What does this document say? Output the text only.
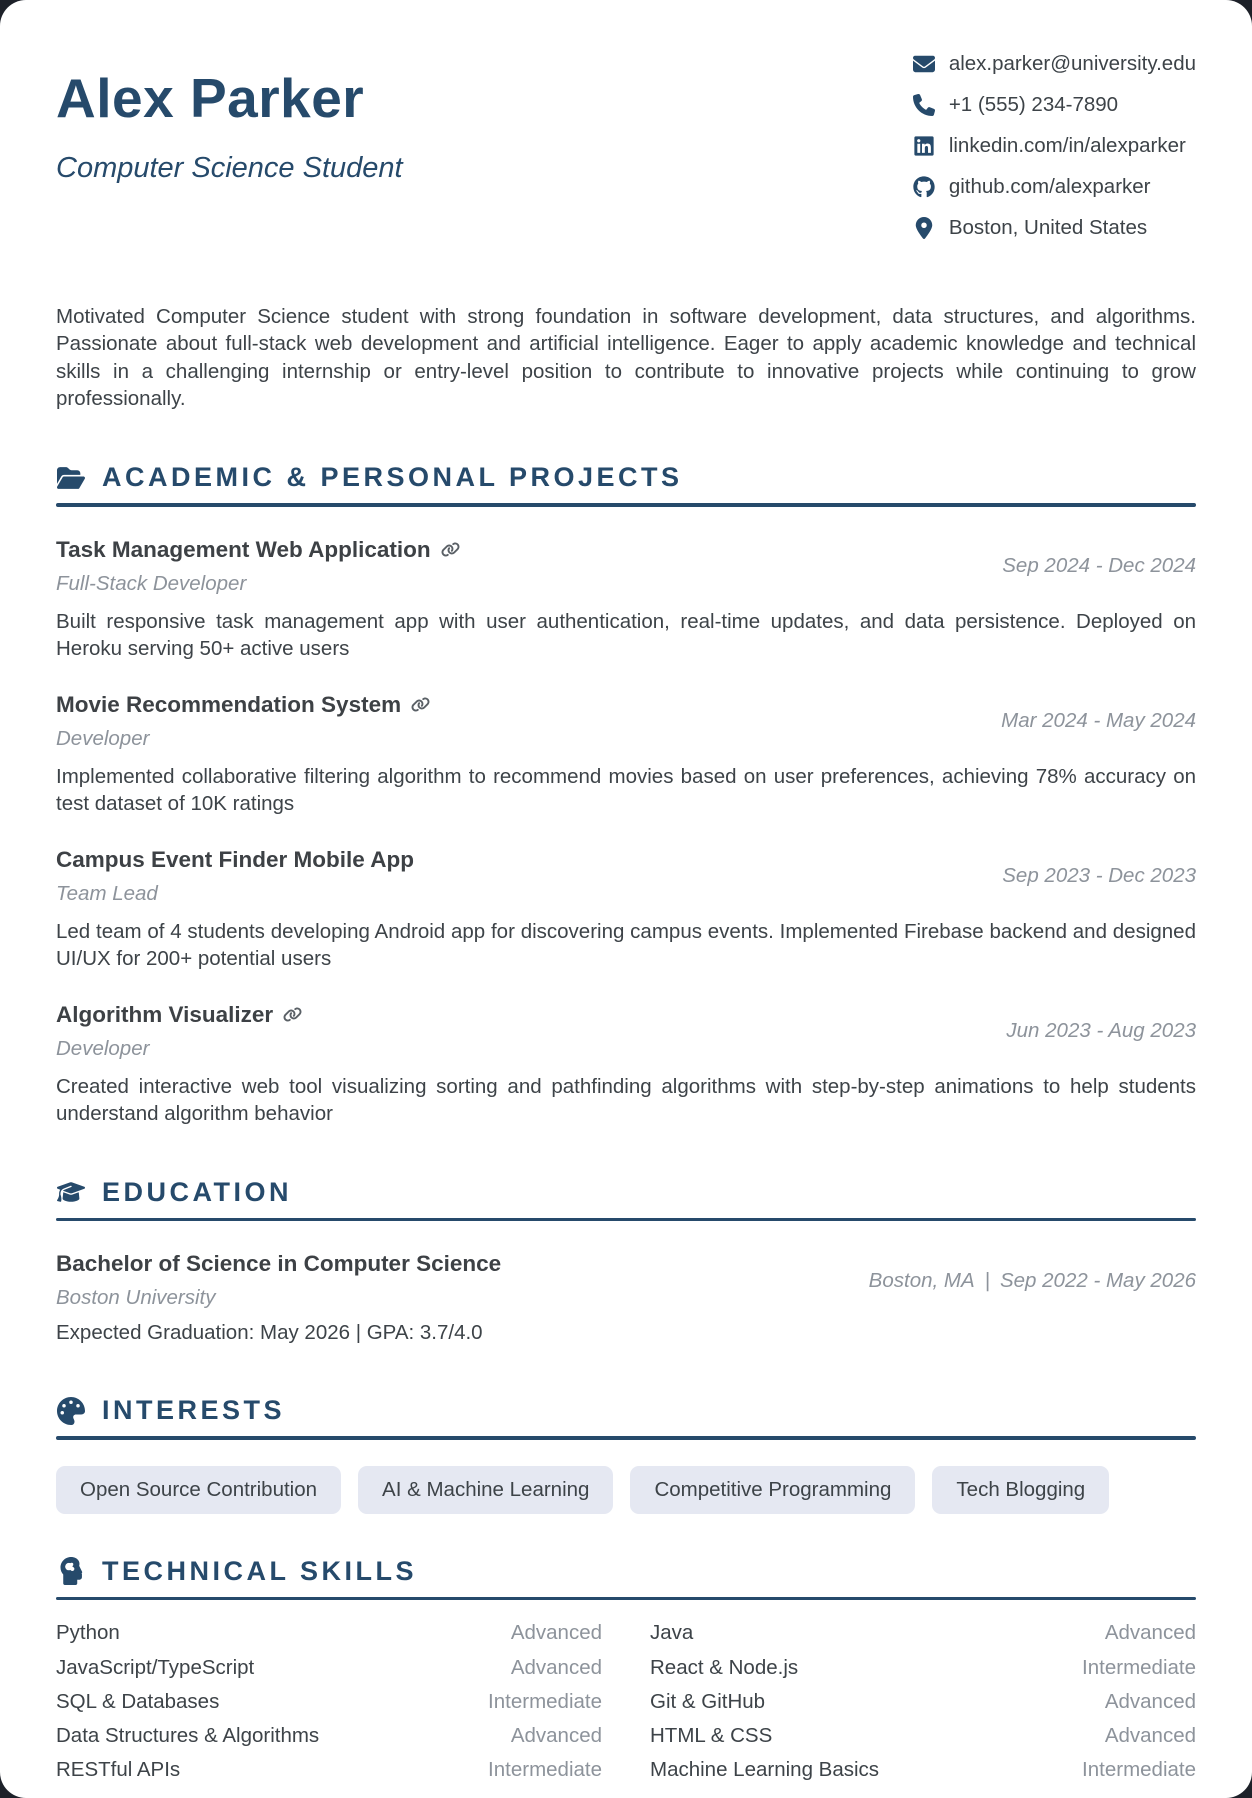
Alex Parker
Computer Science Student
alex.parker@university.edu
+1 (555) 234-7890
linkedin.com/in/alexparker
github.com/alexparker
Boston, United States

Motivated Computer Science student with strong foundation in software development, data structures, and algorithms. Passionate about full-stack web development and artificial intelligence. Eager to apply academic knowledge and technical skills in a challenging internship or entry-level position to contribute to innovative projects while continuing to grow professionally.

ACADEMIC & PERSONAL PROJECTS
Task Management Web Application
Full-Stack Developer
Sep 2024 - Dec 2024

Built responsive task management app with user authentication, real-time updates, and data persistence. Deployed on Heroku serving 50+ active users

Movie Recommendation System
Developer
Mar 2024 - May 2024

Implemented collaborative filtering algorithm to recommend movies based on user preferences, achieving 78% accuracy on test dataset of 10K ratings

Campus Event Finder Mobile App
Team Lead
Sep 2023 - Dec 2023

Led team of 4 students developing Android app for discovering campus events. Implemented Firebase backend and designed UI/UX for 200+ potential users

Algorithm Visualizer
Developer
Jun 2023 - Aug 2023

Created interactive web tool visualizing sorting and pathfinding algorithms with step-by-step animations to help students understand algorithm behavior

EDUCATION
Bachelor of Science in Computer Science
Boston University
Boston, MA | Sep 2022 - May 2026
Expected Graduation: May 2026 | GPA: 3.7/4.0
INTERESTS
Open Source Contribution	AI & Machine Learning	Competitive Programming	Tech Blogging
TECHNICAL SKILLS
Python	Advanced Java	Advanced
JavaScript/TypeScript	Advanced React & Node.js	Intermediate
SQL & Databases	Intermediate Git & GitHub	Advanced
Data Structures & Algorithms	Advanced HTML & CSS	Advanced
RESTful APIs	Intermediate Machine Learning Basics	Intermediate
